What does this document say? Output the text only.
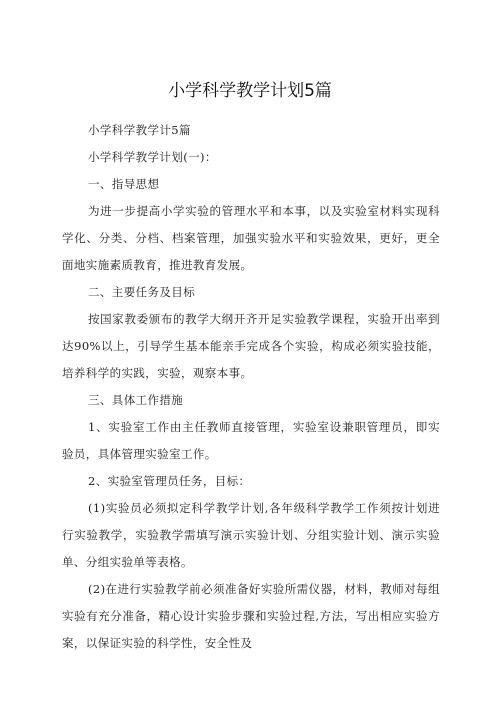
小学科学教学计划5篇
小学科学教学计5篇
小学科学教学计划(一)：
一、指导思想
为进一步提高小学实验的管理水平和本事，以及实验室材料实现科学化、分类、分档、档案管理，加强实验水平和实验效果，更好，更全面地实施素质教育，推进教育发展。
二、主要任务及目标
按国家教委颁布的教学大纲开齐开足实验教学课程，实验开出率到达90%以上，引导学生基本能亲手完成各个实验，构成必须实验技能，培养科学的实践，实验，观察本事。
三、具体工作措施
1、实验室工作由主任教师直接管理，实验室设兼职管理员，即实验员，具体管理实验室工作。
2、实验室管理员任务，目标：
(1)实验员必须拟定科学教学计划,各年级科学教学工作须按计划进行实验教学，实验教学需填写演示实验计划、分组实验计划、演示实验单、分组实验单等表格。
(2)在进行实验教学前必须准备好实验所需仪器，材料，教师对每组实验有充分准备，精心设计实验步骤和实验过程,方法，写出相应实验方案，以保证实验的科学性，安全性及
